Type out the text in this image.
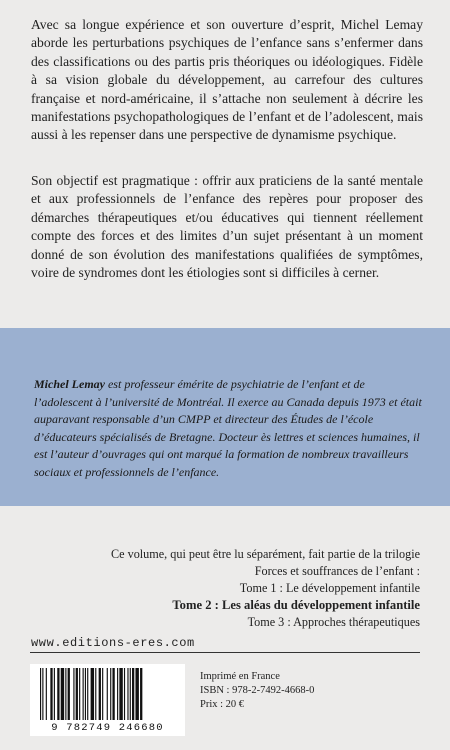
Avec sa longue expérience et son ouverture d’esprit, Michel Lemay aborde les perturbations psychiques de l’enfance sans s’enfermer dans des classifications ou des partis pris théoriques ou idéologiques. Fidèle à sa vision globale du développement, au carrefour des cultures française et nord-américaine, il s’attache non seulement à décrire les manifestations psychopathologiques de l’enfant et de l’adolescent, mais aussi à les repenser dans une perspective de dynamisme psychique.
Son objectif est pragmatique : offrir aux praticiens de la santé mentale et aux professionnels de l’enfance des repères pour proposer des démarches thérapeutiques et/ou éducatives qui tiennent réellement compte des forces et des limites d’un sujet présentant à un moment donné de son évolution des manifestations qualifiées de symptômes, voire de syndromes dont les étiologies sont si difficiles à cerner.
Michel Lemay est professeur émérite de psychiatrie de l’enfant et de l’adolescent à l’université de Montréal. Il exerce au Canada depuis 1973 et était auparavant responsable d’un CMPP et directeur des Études de l’école d’éducateurs spécialisés de Bretagne. Docteur ès lettres et sciences humaines, il est l’auteur d’ouvrages qui ont marqué la formation de nombreux travailleurs sociaux et professionnels de l’enfance.
Ce volume, qui peut être lu séparément, fait partie de la trilogie
Forces et souffrances de l’enfant :
Tome 1 : Le développement infantile
Tome 2 : Les aléas du développement infantile
Tome 3 : Approches thérapeutiques
www.editions-eres.com
9 782749 246680
Imprimé en France
ISBN : 978-2-7492-4668-0
Prix : 20 €
